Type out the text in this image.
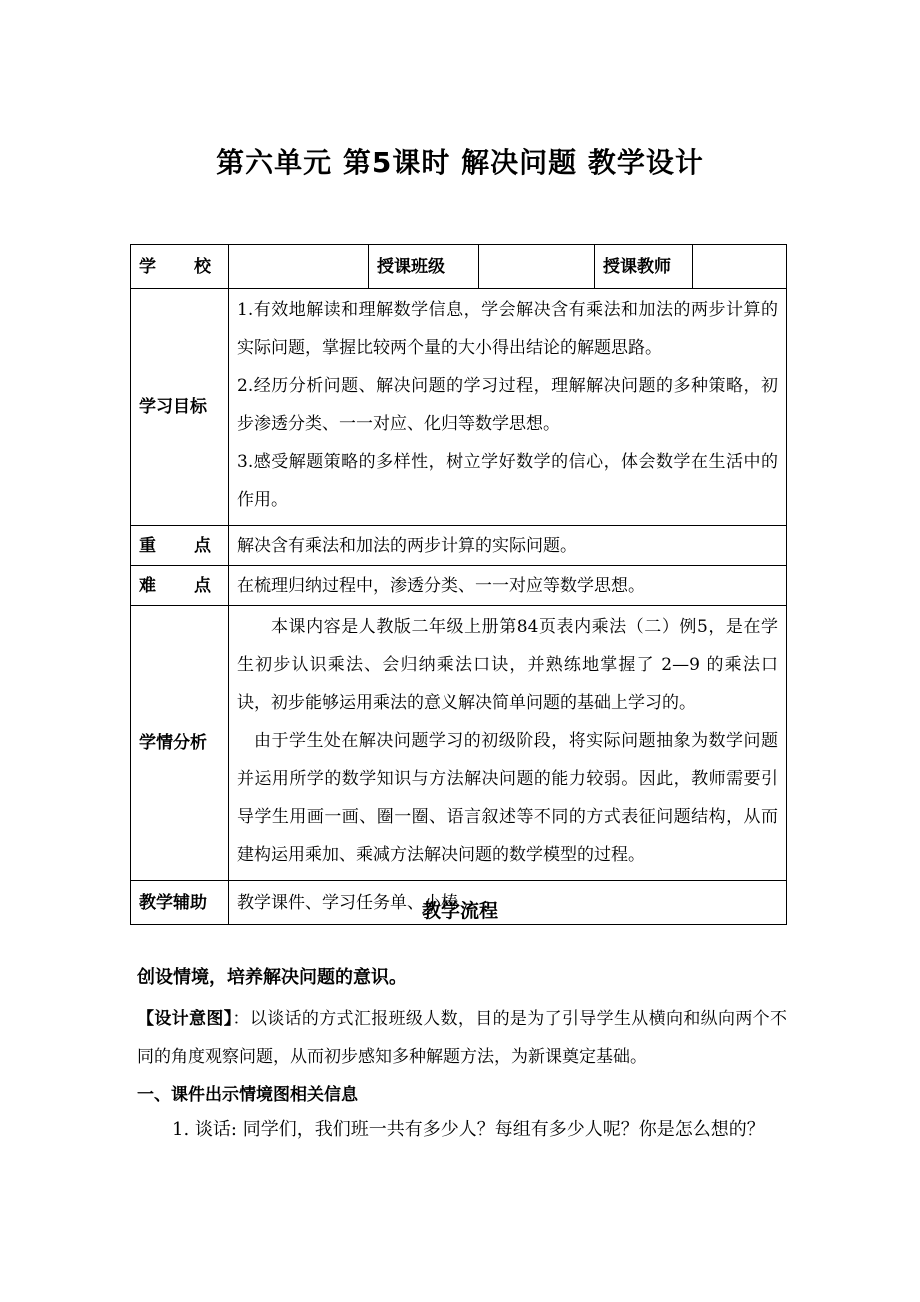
第六单元 第5课时 解决问题 教学设计
学 校		授课班级		授课教师	
学习目标	1.有效地解读和理解数学信息，学会解决含有乘法和加法的两步计算的实际问题，掌握比较两个量的大小得出结论的解题思路。
2.经历分析问题、解决问题的学习过程，理解解决问题的多种策略，初步渗透分类、一一对应、化归等数学思想。
3.感受解题策略的多样性，树立学好数学的信心，体会数学在生活中的作用。				

重 点	解决含有乘法和加法的两步计算的实际问题。				

难 点	在梳理归纳过程中，渗透分类、一一对应等数学思想。				
学情分析	本课内容是人教版二年级上册第84页表内乘法（二）例5，是在学生初步认识乘法、会归纳乘法口诀，并熟练地掌握了 2—9 的乘法口诀，初步能够运用乘法的意义解决简单问题的基础上学习的。
由于学生处在解决问题学习的初级阶段，将实际问题抽象为数学问题并运用所学的数学知识与方法解决问题的能力较弱。因此，教师需要引导学生用画一画、圈一圈、语言叙述等不同的方式表征问题结构，从而建构运用乘加、乘减方法解决问题的数学模型的过程。				

教学辅助	教学课件、学习任务单、小棒				
教学流程
创设情境，培养解决问题的意识。
【设计意图】：以谈话的方式汇报班级人数，目的是为了引导学生从横向和纵向两个不同的角度观察问题，从而初步感知多种解题方法，为新课奠定基础。
一、课件出示情境图相关信息
1. 谈话: 同学们，我们班一共有多少人？每组有多少人呢？你是怎么想的？
